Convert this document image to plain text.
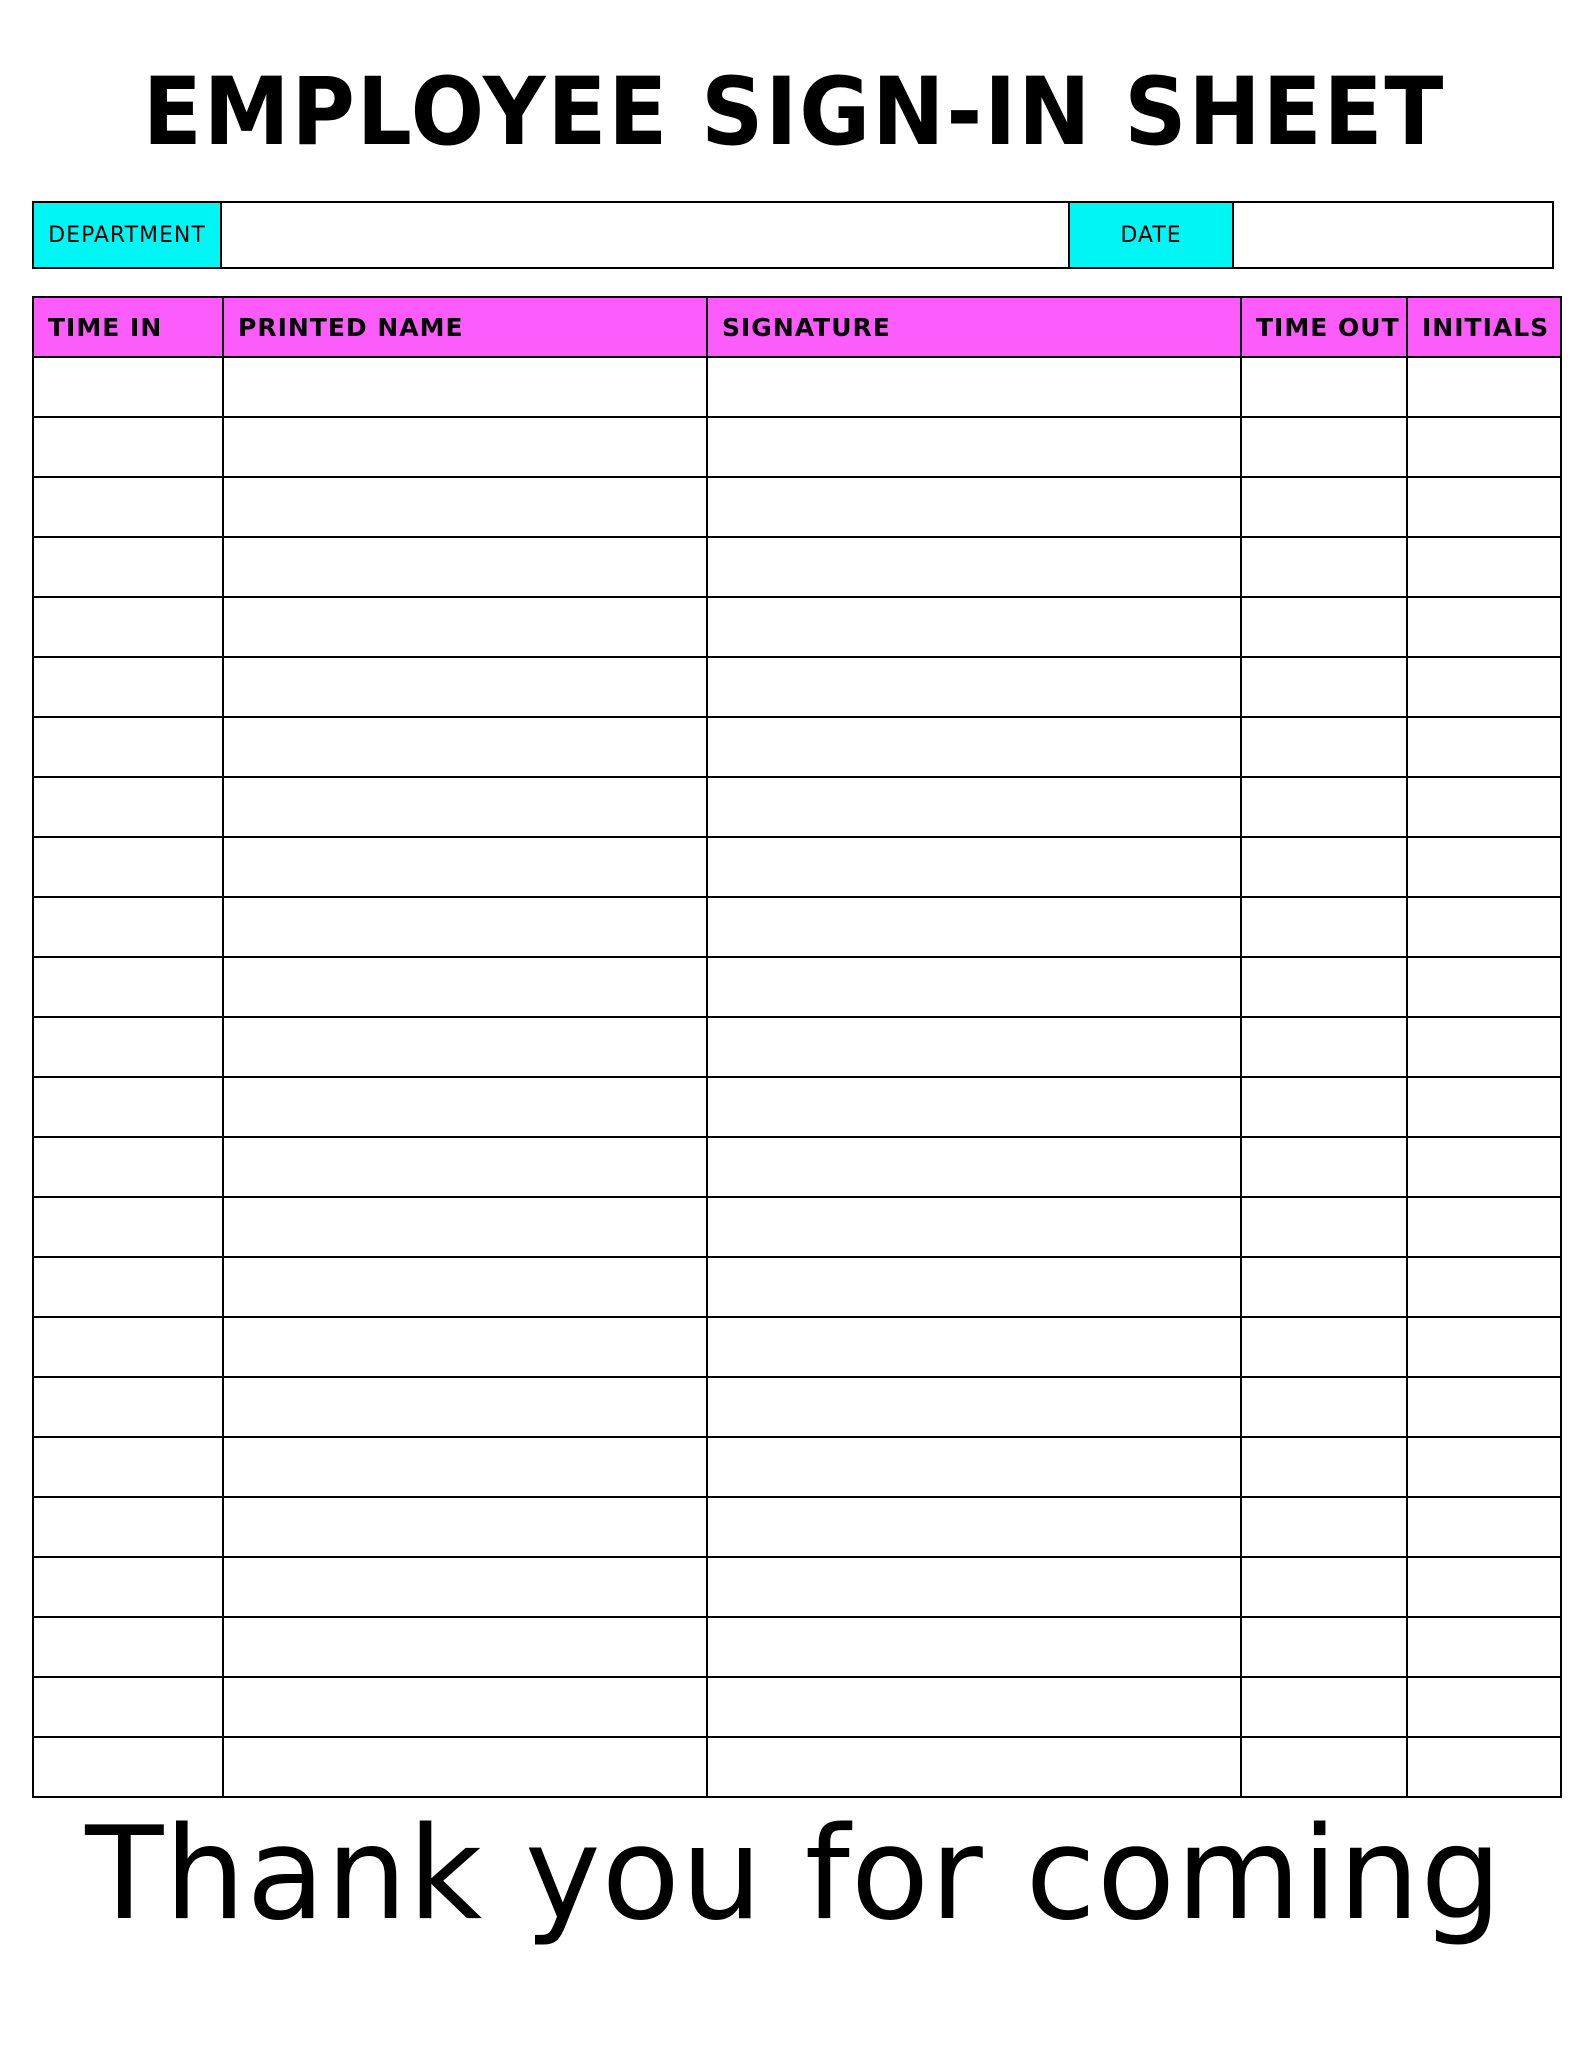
EMPLOYEE SIGN-IN SHEET
DEPARTMENT	DATE
TIME IN	PRINTED NAME	SIGNATURE	TIME OUT	INITIALS

Thank you for coming
